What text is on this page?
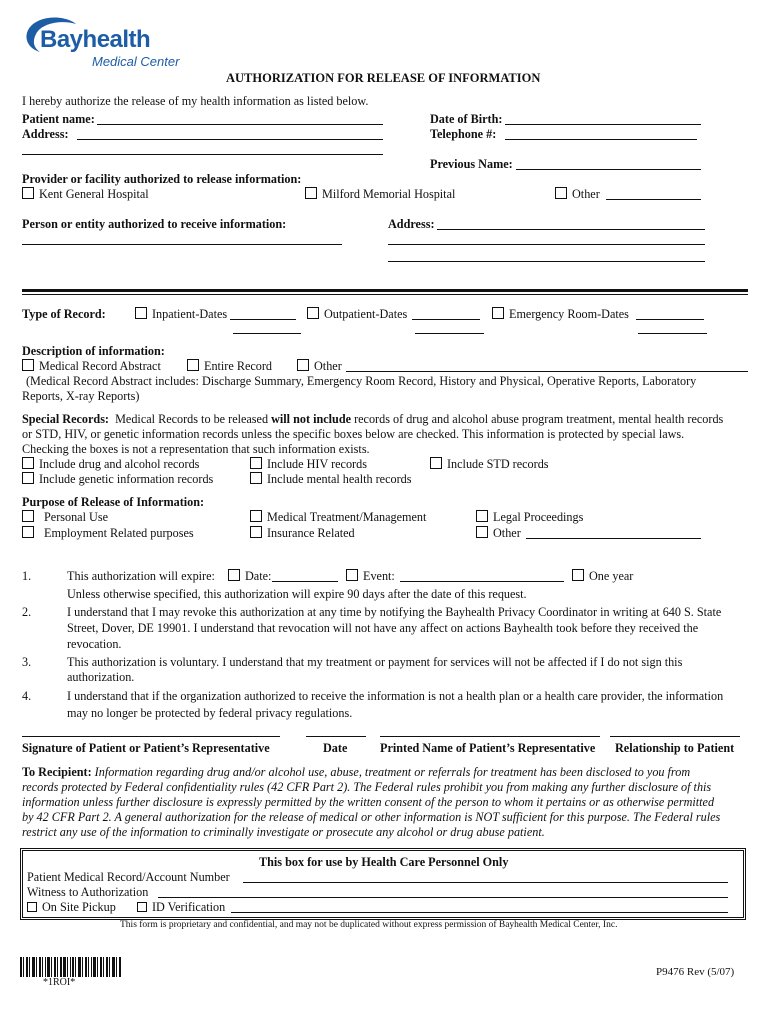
Bayhealth
Medical Center
AUTHORIZATION FOR RELEASE OF INFORMATION
I hereby authorize the release of my health information as listed below.
Patient name:
Address:
Date of Birth:
Telephone #:
Previous Name:
Provider or facility authorized to release information:
Kent General Hospital	Milford Memorial Hospital	Other
Person or entity authorized to receive information:	Address:
Type of Record:	Inpatient-Dates	Outpatient-Dates	Emergency Room-Dates
Description of information:
Medical Record Abstract	Entire Record	Other
(Medical Record Abstract includes: Discharge Summary, Emergency Room Record, History and Physical, Operative Reports, Laboratory
Reports, X-ray Reports)
Special Records: Medical Records to be released will not include records of drug and alcohol abuse program treatment, mental health records
or STD, HIV, or genetic information records unless the specific boxes below are checked. This information is protected by special laws.
Checking the boxes is not a representation that such information exists.
Include drug and alcohol records	Include HIV records	Include STD records
Include genetic information records	Include mental health records
Purpose of Release of Information:
Personal Use	Medical Treatment/Management	Legal Proceedings
Employment Related purposes	Insurance Related	Other
1.	This authorization will expire:	Date:	Event:	One year
Unless otherwise specified, this authorization will expire 90 days after the date of this request.
2.	I understand that I may revoke this authorization at any time by notifying the Bayhealth Privacy Coordinator in writing at 640 S. State
Street, Dover, DE 19901. I understand that revocation will not have any affect on actions Bayhealth took before they received the
revocation.
3.	This authorization is voluntary. I understand that my treatment or payment for services will not be affected if I do not sign this
authorization.
4.	I understand that if the organization authorized to receive the information is not a health plan or a health care provider, the information
may no longer be protected by federal privacy regulations.
Signature of Patient or Patient’s Representative	Date	Printed Name of Patient’s Representative Relationship to Patient
To Recipient: Information regarding drug and/or alcohol use, abuse, treatment or referrals for treatment has been disclosed to you from
records protected by Federal confidentiality rules (42 CFR Part 2). The Federal rules prohibit you from making any further disclosure of this
information unless further disclosure is expressly permitted by the written consent of the person to whom it pertains or as otherwise permitted
by 42 CFR Part 2. A general authorization for the release of medical or other information is NOT sufficient for this purpose. The Federal rules
restrict any use of the information to criminally investigate or prosecute any alcohol or drug abuse patient.
This box for use by Health Care Personnel Only
Patient Medical Record/Account Number
Witness to Authorization
On Site Pickup	ID Verification
This form is proprietary and confidential, and may not be duplicated without express permission of Bayhealth Medical Center, Inc.
*1ROI*
P9476 Rev (5/07)
